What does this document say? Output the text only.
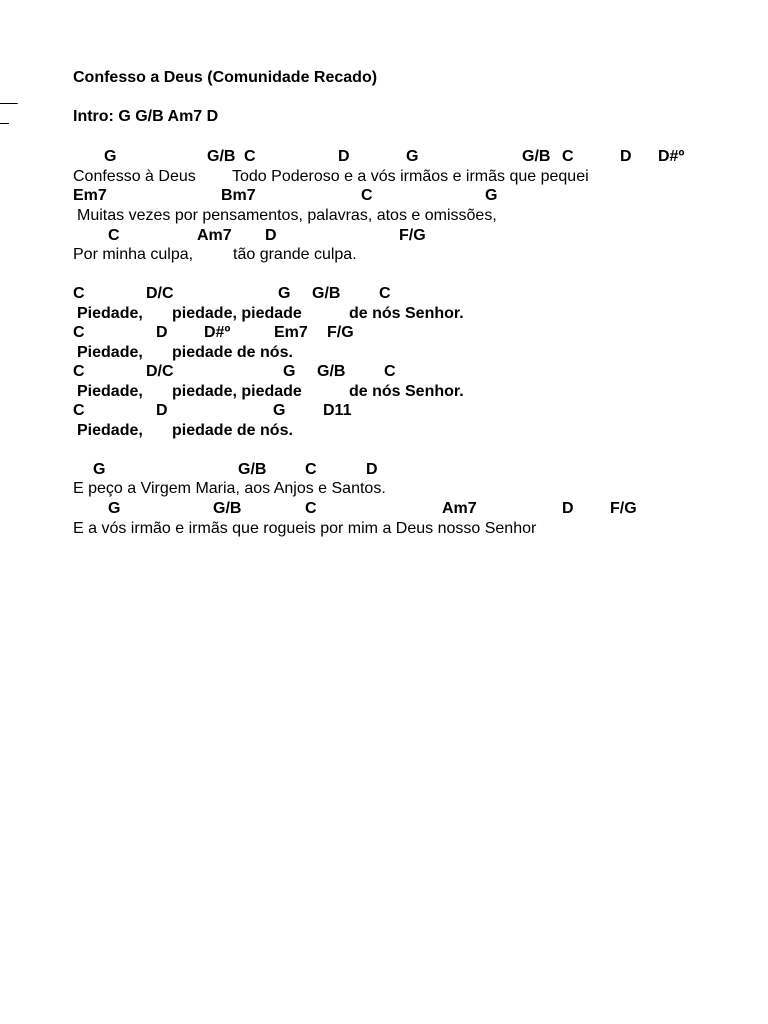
Confesso a Deus (Comunidade Recado)

Intro: G G/B Am7 D

G	G/B C	D	G	G/B C	D D#º
Confesso à Deus Todo Poderoso e a vós irmãos e irmãs que pequei
Em7	Bm7	C	G
Muitas vezes por pensamentos, palavras, atos e omissões,
C	Am7 D	F/G
Por minha culpa, tão grande culpa.
C	D/C	G G/B C
Piedade, piedade, piedade	de nós Senhor.
C	D D#º	Em7 F/G
Piedade, piedade de nós.
C	D/C	G G/B C
Piedade, piedade, piedade	de nós Senhor.
C	D	G D11
Piedade, piedade de nós.
G	G/B C	D
E peço a Virgem Maria, aos Anjos e Santos.
G	G/B	C	Am7	D F/G
E a vós irmão e irmãs que rogueis por mim a Deus nosso Senhor
